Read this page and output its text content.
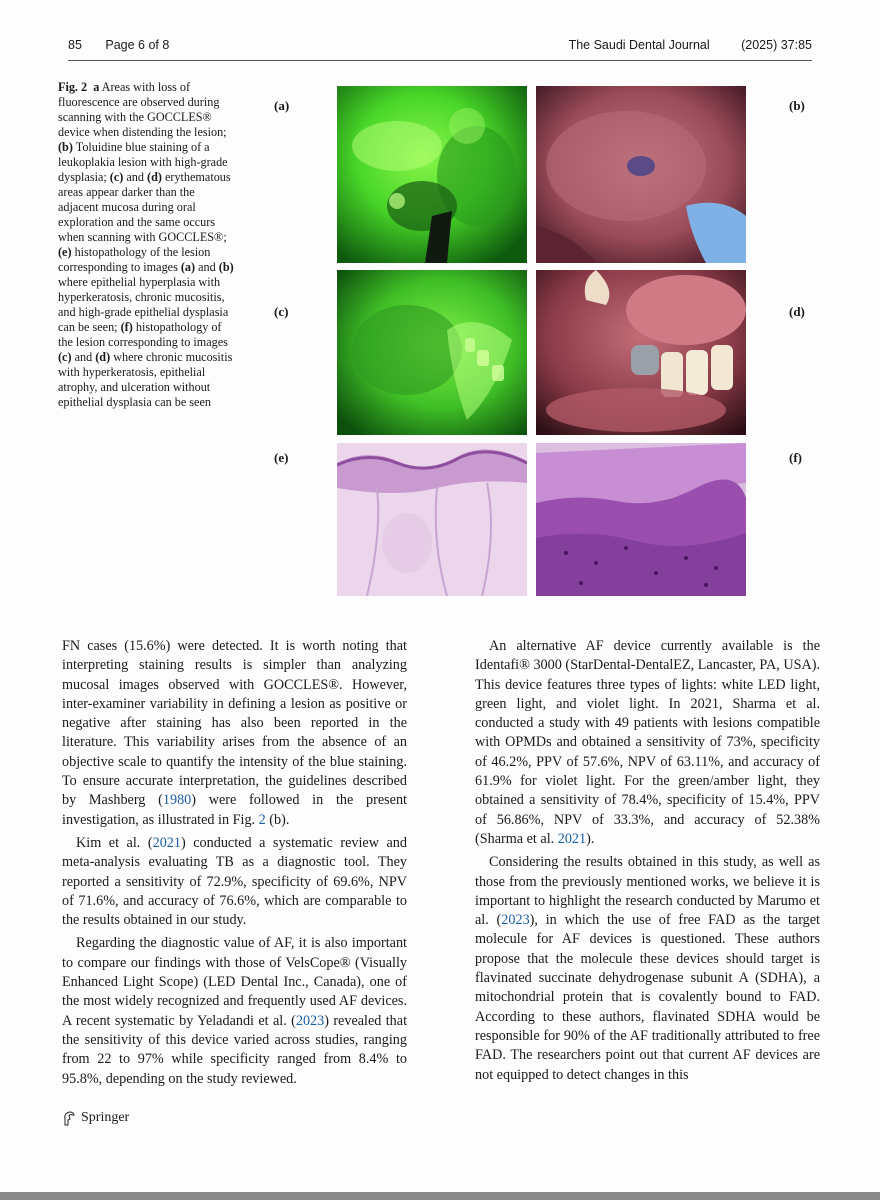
85 Page 6 of 8	The Saudi Dental Journal	(2025) 37:85
Fig. 2 a Areas with loss of fluorescence are observed during scanning with the GOCCLES® device when distending the lesion; (b) Toluidine blue staining of a leukoplakia lesion with high-grade dysplasia; (c) and (d) erythematous areas appear darker than the adjacent mucosa during oral exploration and the same occurs when scanning with GOCCLES®; (e) histopathology of the lesion corresponding to images (a) and (b) where epithelial hyperplasia with hyperkeratosis, chronic mucositis, and high-grade epithelial dysplasia can be seen; (f) histopathology of the lesion corresponding to images (c) and (d) where chronic mucositis with hyperkeratosis, epithelial atrophy, and ulceration without epithelial dysplasia can be seen
(a)	(b)
(c)	(d)
(e)	(f)

FN cases (15.6%) were detected. It is worth noting that interpreting staining results is simpler than analyzing mucosal images observed with GOCCLES®. However, inter-examiner variability in defining a lesion as positive or negative after staining has also been reported in the literature. This variability arises from the absence of an objective scale to quantify the intensity of the blue staining. To ensure accurate interpretation, the guidelines described by Mashberg (1980) were followed in the present investigation, as illustrated in Fig. 2 (b).

Kim et al. (2021) conducted a systematic review and meta-analysis evaluating TB as a diagnostic tool. They reported a sensitivity of 72.9%, specificity of 69.6%, NPV of 71.6%, and accuracy of 76.6%, which are comparable to the results obtained in our study.

Regarding the diagnostic value of AF, it is also important to compare our findings with those of VelsCope® (Visually Enhanced Light Scope) (LED Dental Inc., Canada), one of the most widely recognized and frequently used AF devices. A recent systematic by Yeladandi et al. (2023) revealed that the sensitivity of this device varied across studies, ranging from 22 to 97% while specificity ranged from 8.4% to 95.8%, depending on the study reviewed.

An alternative AF device currently available is the Identafi® 3000 (StarDental-DentalEZ, Lancaster, PA, USA). This device features three types of lights: white LED light, green light, and violet light. In 2021, Sharma et al. conducted a study with 49 patients with lesions compatible with OPMDs and obtained a sensitivity of 73%, specificity of 46.2%, PPV of 57.6%, NPV of 63.11%, and accuracy of 61.9% for violet light. For the green/amber light, they obtained a sensitivity of 78.4%, specificity of 15.4%, PPV of 56.86%, NPV of 33.3%, and accuracy of 52.38% (Sharma et al. 2021).

Considering the results obtained in this study, as well as those from the previously mentioned works, we believe it is important to highlight the research conducted by Marumo et al. (2023), in which the use of free FAD as the target molecule for AF devices is questioned. These authors propose that the molecule these devices should target is flavinated succinate dehydrogenase subunit A (SDHA), a mitochondrial protein that is covalently bound to FAD. According to these authors, flavinated SDHA would be responsible for 90% of the AF traditionally attributed to free FAD. The researchers point out that current AF devices are not equipped to detect changes in this

Springer
